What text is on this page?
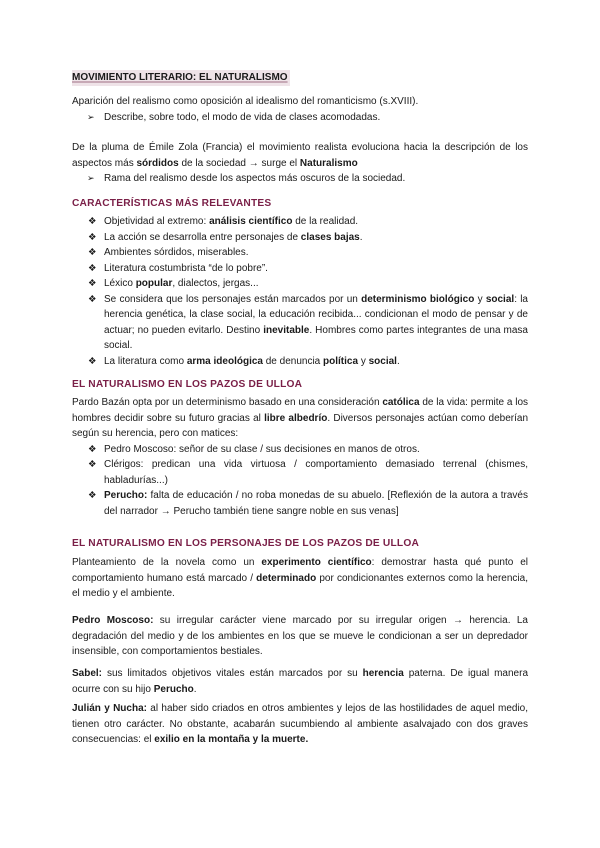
MOVIMIENTO LITERARIO: EL NATURALISMO
Aparición del realismo como oposición al idealismo del romanticismo (s.XVIII).
➢ Describe, sobre todo, el modo de vida de clases acomodadas.
De la pluma de Émile Zola (Francia) el movimiento realista evoluciona hacia la descripción de los aspectos más sórdidos de la sociedad → surge el Naturalismo
➢ Rama del realismo desde los aspectos más oscuros de la sociedad.
CARACTERÍSTICAS MÁS RELEVANTES
❖ Objetividad al extremo: análisis científico de la realidad.
❖ La acción se desarrolla entre personajes de clases bajas.
❖ Ambientes sórdidos, miserables.
❖ Literatura costumbrista “de lo pobre”.
❖ Léxico popular, dialectos, jergas...
❖ Se considera que los personajes están marcados por un determinismo biológico y social: la herencia genética, la clase social, la educación recibida... condicionan el modo de pensar y de actuar; no pueden evitarlo. Destino inevitable. Hombres como partes integrantes de una masa social.
❖ La literatura como arma ideológica de denuncia política y social.
EL NATURALISMO EN LOS PAZOS DE ULLOA
Pardo Bazán opta por un determinismo basado en una consideración católica de la vida: permite a los hombres decidir sobre su futuro gracias al libre albedrío. Diversos personajes actúan como deberían según su herencia, pero con matices:
❖ Pedro Moscoso: señor de su clase / sus decisiones en manos de otros.
❖ Clérigos: predican una vida virtuosa / comportamiento demasiado terrenal (chismes, habladurías...)
❖ Perucho: falta de educación / no roba monedas de su abuelo. [Reflexión de la autora a través del narrador → Perucho también tiene sangre noble en sus venas]
EL NATURALISMO EN LOS PERSONAJES DE LOS PAZOS DE ULLOA
Planteamiento de la novela como un experimento científico: demostrar hasta qué punto el comportamiento humano está marcado / determinado por condicionantes externos como la herencia, el medio y el ambiente.
Pedro Moscoso: su irregular carácter viene marcado por su irregular origen → herencia. La degradación del medio y de los ambientes en los que se mueve le condicionan a ser un depredador insensible, con comportamientos bestiales.
Sabel: sus limitados objetivos vitales están marcados por su herencia paterna. De igual manera ocurre con su hijo Perucho.
Julián y Nucha: al haber sido criados en otros ambientes y lejos de las hostilidades de aquel medio, tienen otro carácter. No obstante, acabarán sucumbiendo al ambiente asalvajado con dos graves consecuencias: el exilio en la montaña y la muerte.
